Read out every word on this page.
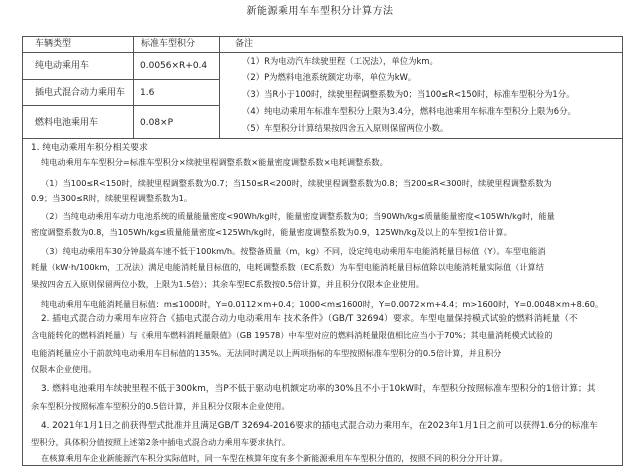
新能源乘用车车型积分计算方法
车辆类型	标准车型积分	备注
纯电动乘用车	0.0056×R+0.4
插电式混合动力乘用车 1.6
燃料电池乘用车	0.08×P
（1）R为电动汽车续驶里程（工况法），单位为km。
（2）P为燃料电池系统额定功率，单位为kW。
（3）当R小于100时，续驶里程调整系数为0；当100≤R<150时，标准车型积分为1分。
（4）纯电动乘用车标准车型积分上限为3.4分，燃料电池乘用车标准车型积分上限为6分。
（5）车型积分计算结果按四舍五入原则保留两位小数。
1. 纯电动乘用车积分相关要求
纯电动乘用车车型积分=标准车型积分×续驶里程调整系数×能量密度调整系数×电耗调整系数。
（1）当100≤R<150时，续驶里程调整系数为0.7；当150≤R<200时，续驶里程调整系数为0.8；当200≤R<300时，续驶里程调整系数为
0.9；当300≤R时，续驶里程调整系数为1。
（2）当纯电动乘用车动力电池系统的质量能量密度<90Wh/kg时，能量密度调整系数为0；当90Wh/kg≤质量能量密度<105Wh/kg时，能量
密度调整系数为0.8，当105Wh/kg≤质量能量密度<125Wh/kg时，能量密度调整系数为0.9，125Wh/kg及以上的车型按1倍计算。
（3）纯电动乘用车30分钟最高车速不低于100km/h。按整备质量（m，kg）不同，设定纯电动乘用车电能消耗量目标值（Y）。车型电能消
耗量（kW·h/100km，工况法）满足电能消耗量目标值的，电耗调整系数（EC系数）为车型电能消耗量目标值除以电能消耗量实际值（计算结
果按四舍五入原则保留两位小数，上限为1.5倍）；其余车型EC系数按0.5倍计算，并且积分仅限本企业使用。
纯电动乘用车电能消耗量目标值：m≤1000时，Y=0.0112×m+0.4；1000<m≤1600时，Y=0.0072×m+4.4；m>1600时，Y=0.0048×m+8.60。
2. 插电式混合动力乘用车应符合《插电式混合动力电动乘用车 技术条件》（GB/T 32694）要求。车型电量保持模式试验的燃料消耗量（不
含电能转化的燃料消耗量）与《乘用车燃料消耗量限值》（GB 19578）中车型对应的燃料消耗量限值相比应当小于70%；其电量消耗模式试验的
电能消耗量应小于前款纯电动乘用车目标值的135%。无法同时满足以上两项指标的车型按照标准车型积分的0.5倍计算，并且积分
仅限本企业使用。
3. 燃料电池乘用车续驶里程不低于300km，当P不低于驱动电机额定功率的30%且不小于10kW时，车型积分按照标准车型积分的1倍计算；其
余车型积分按照标准车型积分的0.5倍计算，并且积分仅限本企业使用。
4. 2021年1月1日之前获得型式批准并且满足GB/T 32694-2016要求的插电式混合动力乘用车，在2023年1月1日之前可以获得1.6分的标准车
型积分，具体积分值按照上述第2条中插电式混合动力乘用车要求执行。
在核算乘用车企业新能源汽车积分实际值时，同一车型在核算年度有多个新能源乘用车车型积分值的，按照不同的积分分开计算。
